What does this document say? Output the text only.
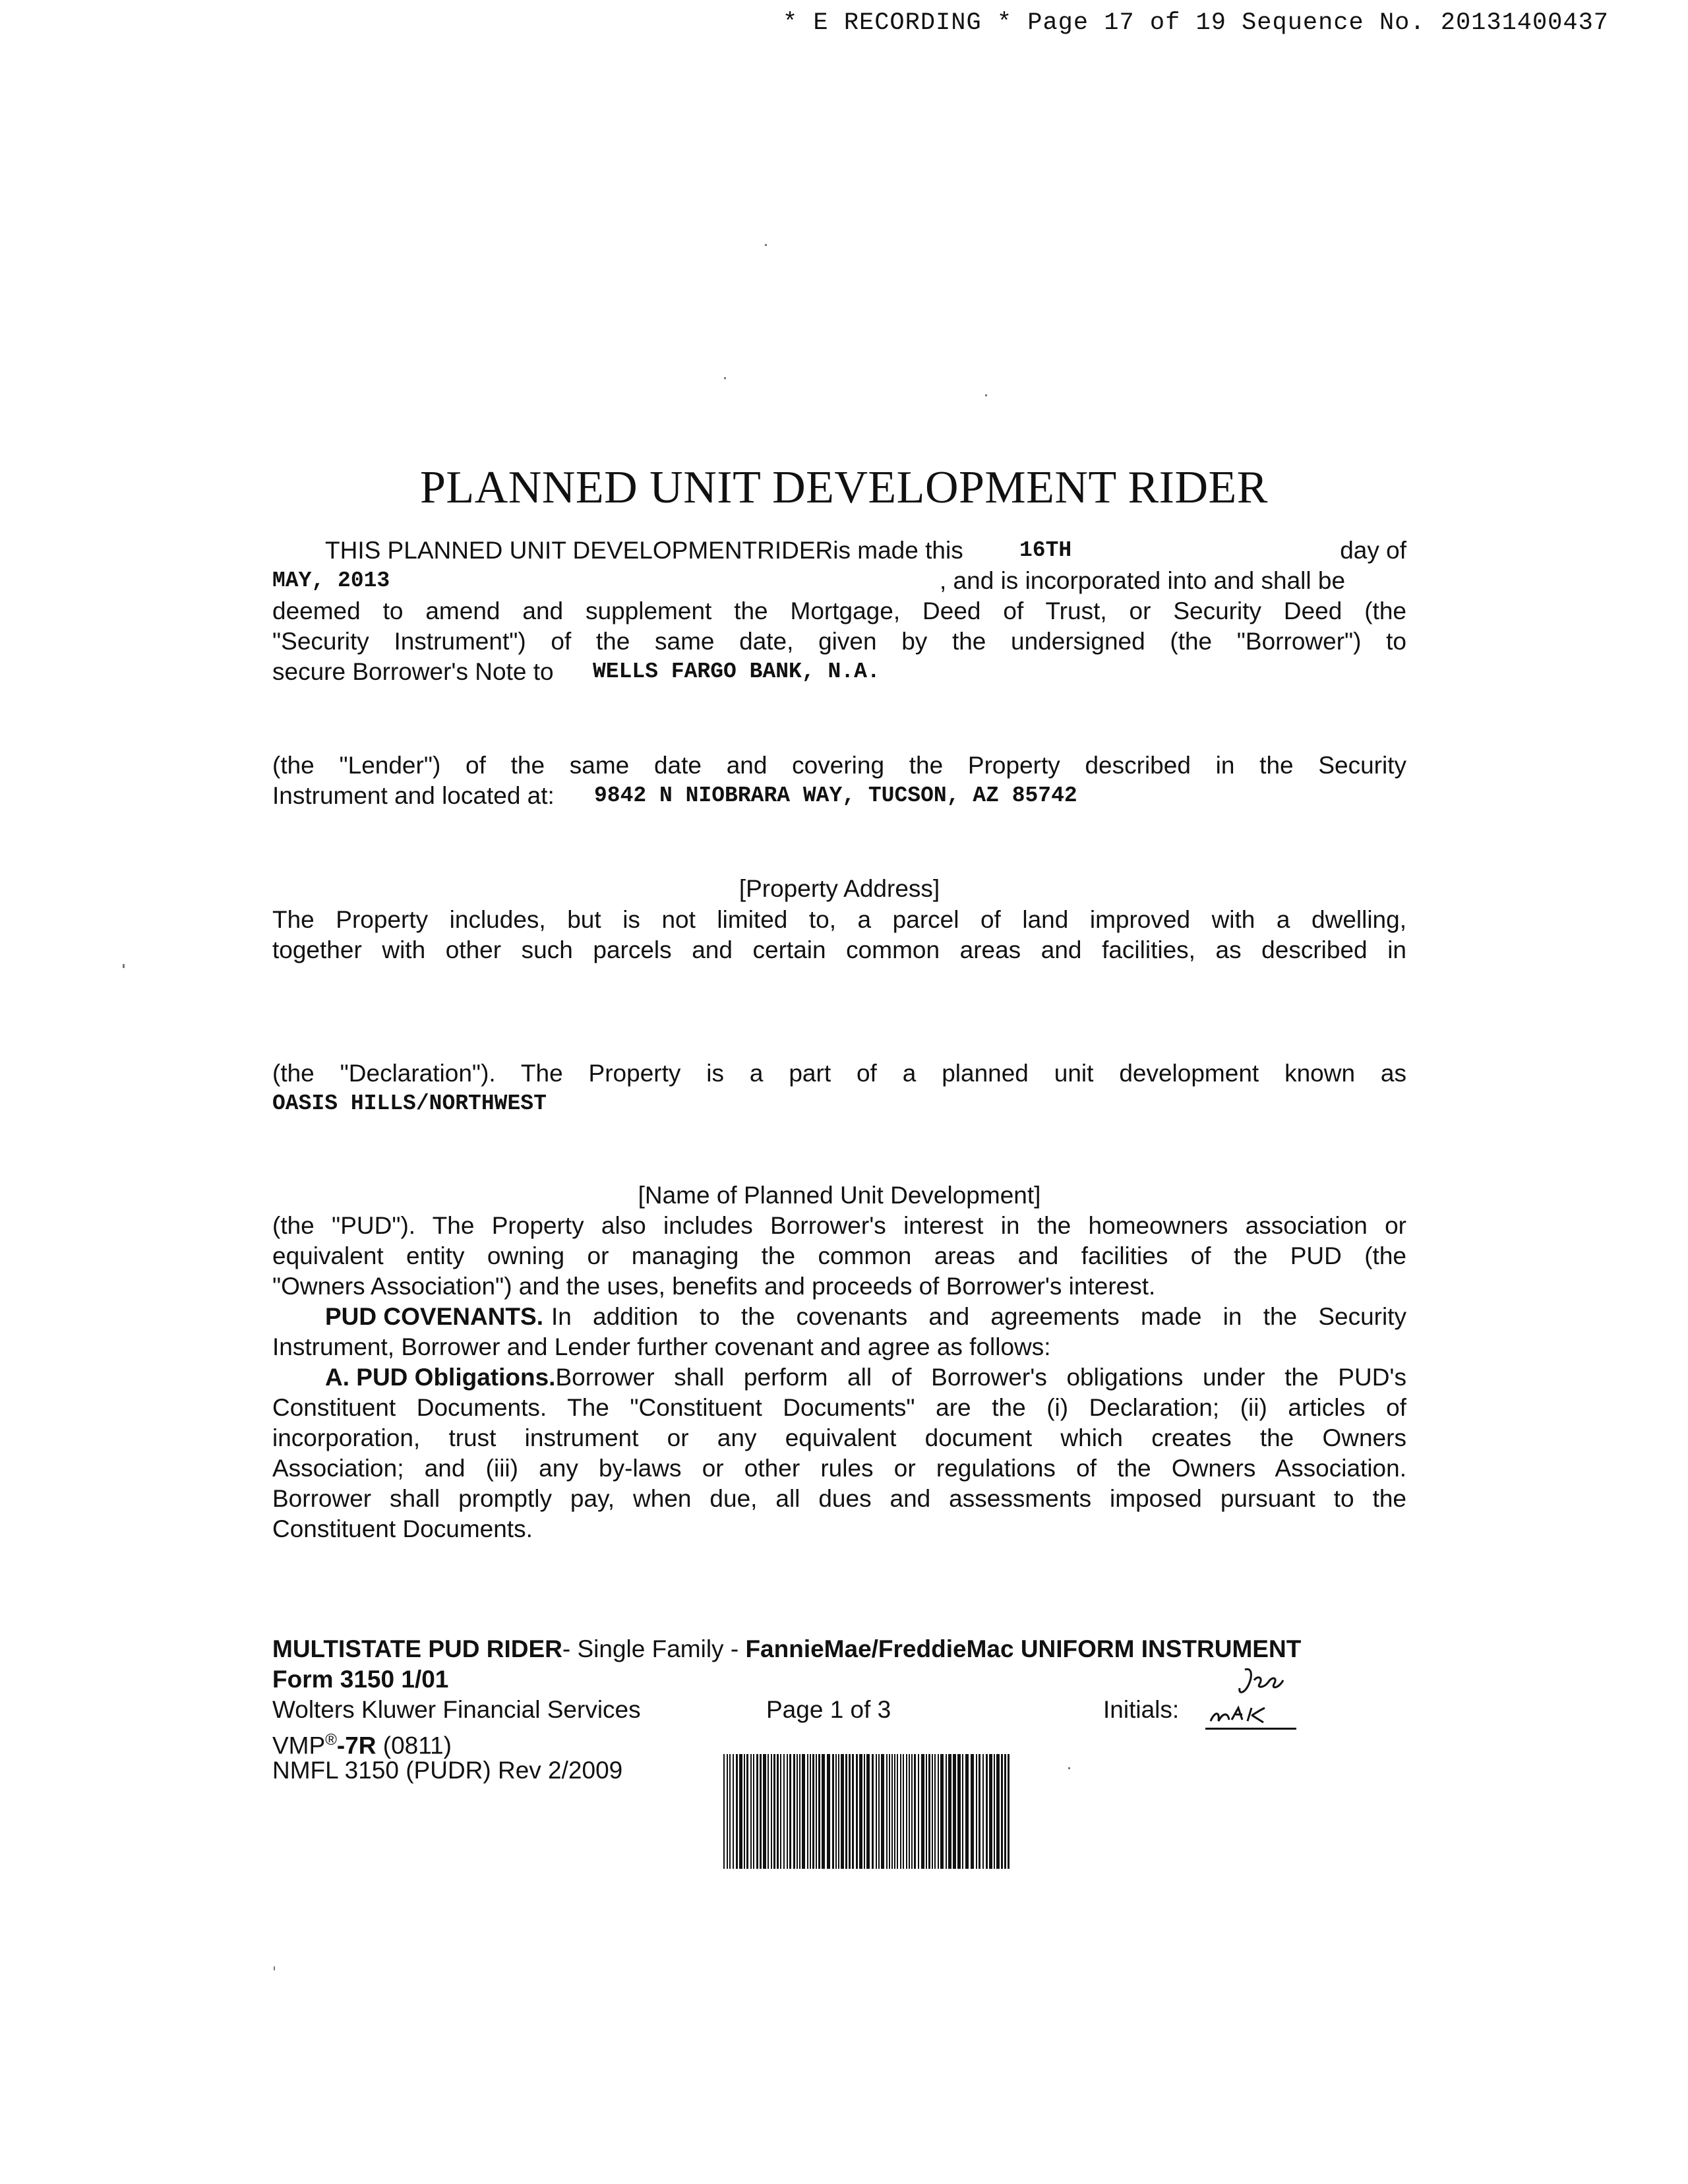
* E RECORDING * Page 17 of 19 Sequence No. 20131400437
PLANNED UNIT DEVELOPMENT RIDER
THIS PLANNED UNIT DEVELOPMENTRIDERis made this	16TH	day of
MAY, 2013	, and is incorporated into and shall be
deemed to amend and supplement the Mortgage, Deed of Trust, or Security Deed (the
"Security Instrument") of the same date, given by the undersigned (the "Borrower") to
secure Borrower's Note to WELLS FARGO BANK, N.A.
(the "Lender") of the same date and covering the Property described in the Security
Instrument and located at: 9842 N NIOBRARA WAY, TUCSON, AZ 85742
[Property Address]
The Property includes, but is not limited to, a parcel of land improved with a dwelling,
together with other such parcels and certain common areas and facilities, as described in
(the "Declaration"). The Property is a part of a planned unit development known as
OASIS HILLS/NORTHWEST
[Name of Planned Unit Development]
(the "PUD"). The Property also includes Borrower's interest in the homeowners association or
equivalent entity owning or managing the common areas and facilities of the PUD (the
"Owners Association") and the uses, benefits and proceeds of Borrower's interest.
PUD COVENANTS. In addition to the covenants and agreements made in the Security
Instrument, Borrower and Lender further covenant and agree as follows:
A. PUD Obligations. Borrower shall perform all of Borrower's obligations under the PUD's
Constituent Documents. The "Constituent Documents" are the (i) Declaration; (ii) articles of
incorporation, trust instrument or any equivalent document which creates the Owners
Association; and (iii) any by-laws or other rules or regulations of the Owners Association.
Borrower shall promptly pay, when due, all dues and assessments imposed pursuant to the
Constituent Documents.
MULTISTATE PUD RIDER- Single Family - FannieMae/FreddieMac UNIFORM INSTRUMENT
Form 3150 1/01
Wolters Kluwer Financial Services	Page 1 of 3	Initials:
VMP®-7R (0811)
NMFL 3150 (PUDR) Rev 2/2009
